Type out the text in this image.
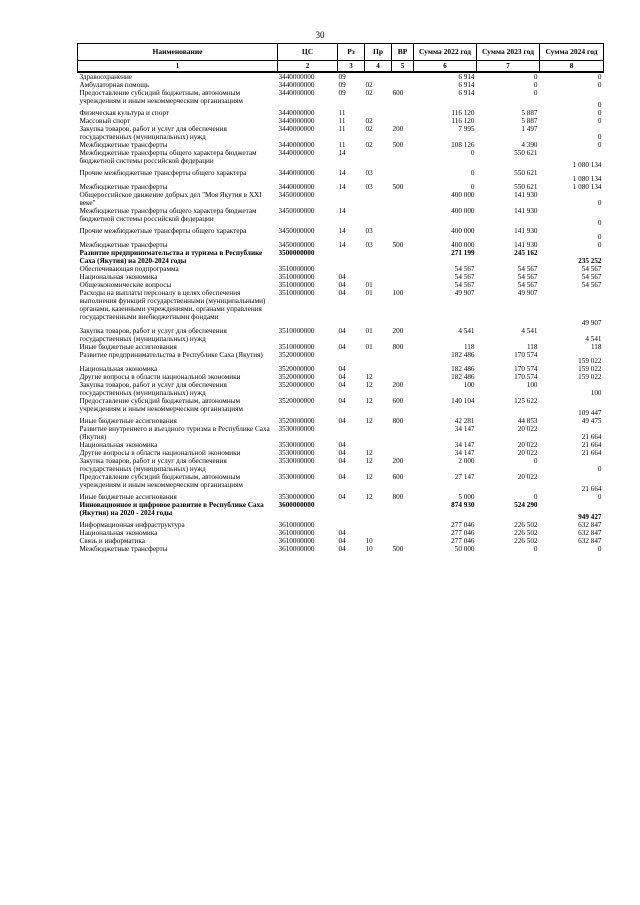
30
Наименование	ЦС	Рз	Пр	ВР	Сумма 2022 год	Сумма 2023 год	Сумма 2024 год
1	2	3	4	5	6	7	8
Здравоохранение	3440000000	09			6 914	0	0
Амбулаторная помощь	3440000000	09	02		6 914	0	0
Предоставление субсидий бюджетным, автономным учреждениям и иным некоммерческим организациям	3440000000	09	02	600	6 914	0	0
Физическая культура и спорт	3440000000	11			116 120	5 887	0
Массовый спорт	3440000000	11	02		116 120	5 887	0
Закупка товаров, работ и услуг для обеспечения государственных (муниципальных) нужд	3440000000	11	02	200	7 995	1 497	0
Межбюджетные трансферты	3440000000	11	02	500	108 126	4 390	0
Межбюджетные трансферты общего характера бюджетам бюджетной системы российской федерации	3440000000	14			0	550 621	1 080 134
Прочие межбюджетные трансферты общего характера	3440000000	14	03		0	550 621	1 080 134
Межбюджетные трансферты	3440000000	14	03	500	0	550 621	1 080 134
Общероссийское движение добрых дел "Моя Якутия в XXI веке"	3450000000				400 000	141 930	0
Межбюджетные трансферты общего характера бюджетам бюджетной системы российской федерации	3450000000	14			400 000	141 930	0
Прочие межбюджетные трансферты общего характера	3450000000	14	03		400 000	141 930	0
Межбюджетные трансферты	3450000000	14	03	500	400 000	141 930	0
Развитие предпринимательства и туризма в Республике Саха (Якутия) на 2020-2024 годы	3500000000				271 199	245 162	235 252
Обеспечивающая подпрограмма	3510000000				54 567	54 567	54 567
Национальная экономика	3510000000	04			54 567	54 567	54 567
Общеэкономические вопросы	3510000000	04	01		54 567	54 567	54 567
Расходы на выплаты персоналу в целях обеспечения выполнения функций государственными (муниципальными) органами, казенными учреждениями, органами управления государственными внебюджетными фондами	3510000000	04	01	100	49 907	49 907	49 907
Закупка товаров, работ и услуг для обеспечения государственных (муниципальных) нужд	3510000000	04	01	200	4 541	4 541	4 541
Иные бюджетные ассигнования	3510000000	04	01	800	118	118	118
Развитие предпринимательства в Республике Саха (Якутия)	3520000000				182 486	170 574	159 022
Национальная экономика	3520000000	04			182 486	170 574	159 022
Другие вопросы в области национальной экономики	3520000000	04	12		182 486	170 574	159 022
Закупка товаров, работ и услуг для обеспечения государственных (муниципальных) нужд	3520000000	04	12	200	100	100	100
Предоставление субсидий бюджетным, автономным учреждениям и иным некоммерческим организациям	3520000000	04	12	600	140 104	125 622	109 447
Иные бюджетные ассигнования	3520000000	04	12	800	42 281	44 853	49 475
Развитие внутреннего и въездного туризма в Республике Саха (Якутия)	3530000000				34 147	20 022	21 664
Национальная экономика	3530000000	04			34 147	20 022	21 664
Другие вопросы в области национальной экономики	3530000000	04	12		34 147	20 022	21 664
Закупка товаров, работ и услуг для обеспечения государственных (муниципальных) нужд	3530000000	04	12	200	2 000	0	0
Предоставление субсидий бюджетным, автономным учреждениям и иным некоммерческим организациям	3530000000	04	12	600	27 147	20 022	21 664
Иные бюджетные ассигнования	3530000000	04	12	800	5 000	0	0
Инновационное и цифровое развитие в Республике Саха (Якутия) на 2020 - 2024 годы	3600000000				874 930	524 290	949 427
Информационная инфраструктура	3610000000				277 046	226 502	632 847
Национальная экономика	3610000000	04			277 046	226 502	632 847
Связь и информатика	3610000000	04	10		277 046	226 502	632 847
Межбюджетные трансферты	3610000000	04	10	500	50 000	0	0
